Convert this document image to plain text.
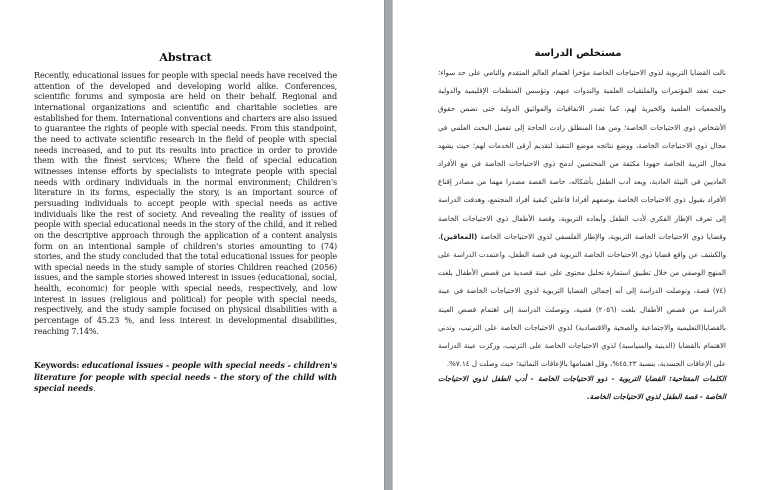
Abstract

Recently, educational issues for people with special needs have received the attention of the developed and developing world alike. Conferences, scientific forums and symposia are held on their behalf. Regional and international organizations and scientific and charitable societies are established for them. International conventions and charters are also issued to guarantee the rights of people with special needs. From this standpoint, the need to activate scientific research in the field of people with special needs increased, and to put its results into practice in order to provide them with the finest services; Where the field of special education witnesses intense efforts by specialists to integrate people with special needs with ordinary individuals in the normal environment; Children's literature in its forms, especially the story, is an important source of persuading individuals to accept people with special needs as active individuals like the rest of society. And revealing the reality of issues of people with special educational needs in the story of the child, and it relied on the descriptive approach through the application of a content analysis form on an intentional sample of children's stories amounting to (74) stories, and the study concluded that the total educational issues for people with special needs in the study sample of stories Children reached (2056) issues, and the sample stories showed interest in issues (educational, social, health, economic) for people with special needs, respectively, and low interest in issues (religious and political) for people with special needs, respectively, and the study sample focused on physical disabilities with a percentage of 45.23 %, and less interest in developmental disabilities, reaching 7.14%.

Keywords: educational issues - people with special needs - children's literature for people with special needs - the story of the child with special needs.

مستخلص الدراسة

نالت القضايا التربوية لذوي الاحتياجات الخاصة مؤخرا اهتمام العالم المتقدم والنامي على حد سواء؛ حيث تعقد المؤتمرات والملتقيات العلمية والندوات عنهم، وتؤسس المنظمات الإقليمية والدولية والجمعيات العلمية والخيرية لهم، كما تصدر الاتفاقيات والمواثيق الدولية حتى تضمن حقوق الأشخاص ذوي الاحتياجات الخاصة؛ ومن هذا المنطلق زادت الحاجة إلى تفعيل البحث العلمي في مجال ذوي الاحتياجات الخاصة، ووضع نتائجه موضع التنفيذ لتقديم أرقى الخدمات لهم؛ حيث يشهد مجال التربية الخاصة جهودا مكثفة من المختصين لدمج ذوي الاحتياجات الخاصة في مع الأفراد العاديين في البيئة العادية، ويعد أدب الطفل بأشكاله، خاصة القصة مصدرا مهما من مصادر إقناع الأفراد بقبول ذوي الاحتياجات الخاصة بوصفهم أفرادا فاعلين كبقية أفراد المجتمع، وهدفت الدراسة إلى تعرف الإطار الفكري لأدب الطفل وأبعاده التربوية، وقصة الأطفال ذوي الاحتياجات الخاصة وقضايا ذوي الاحتياجات الخاصة التربوية، والإطار الفلسفي لذوي الاحتياجات الخاصة (المعاقين)، والكشف عن واقع قضايا ذوي الاحتياجات الخاصة التربوية في قصة الطفل، واعتمدت الدراسة على المنهج الوصفي من خلال تطبيق استمارة تحليل محتوى على عينة قصدية من قصص الأطفال بلغت (٧٤) قصة، وتوصلت الدراسة إلى أنه إجمالي القضايا التربوية لذوي الاحتياجات الخاصة في عينة الدراسة من قصص الأطفال بلغت (٢٠٥٦) قضية، وتوصلت الدراسة إلى اهتمام قصص العينة بالقضايا(التعليمية والاجتماعية والصحية والاقتصادية) لذوي الاحتياجات الخاصة على الترتيب، وتدني الاهتمام بالقضايا (الدينية والسياسية) لذوي الاحتياجات الخاصة على الترتيب، وركزت عينة الدراسة على الإعاقات الجسدية، بنسبة ٤٥.٢٣%، وقل اهتمامها بالإعاقات النمائية؛ حيث وصلت ل ٧.١٤%.

الكلمات المفتاحية: القضايا التربوية - ذوو الاحتياجات الخاصة - أدب الطفل لذوي الاحتياجات الخاصة - قصة الطفل لذوي الاحتياجات الخاصة.
